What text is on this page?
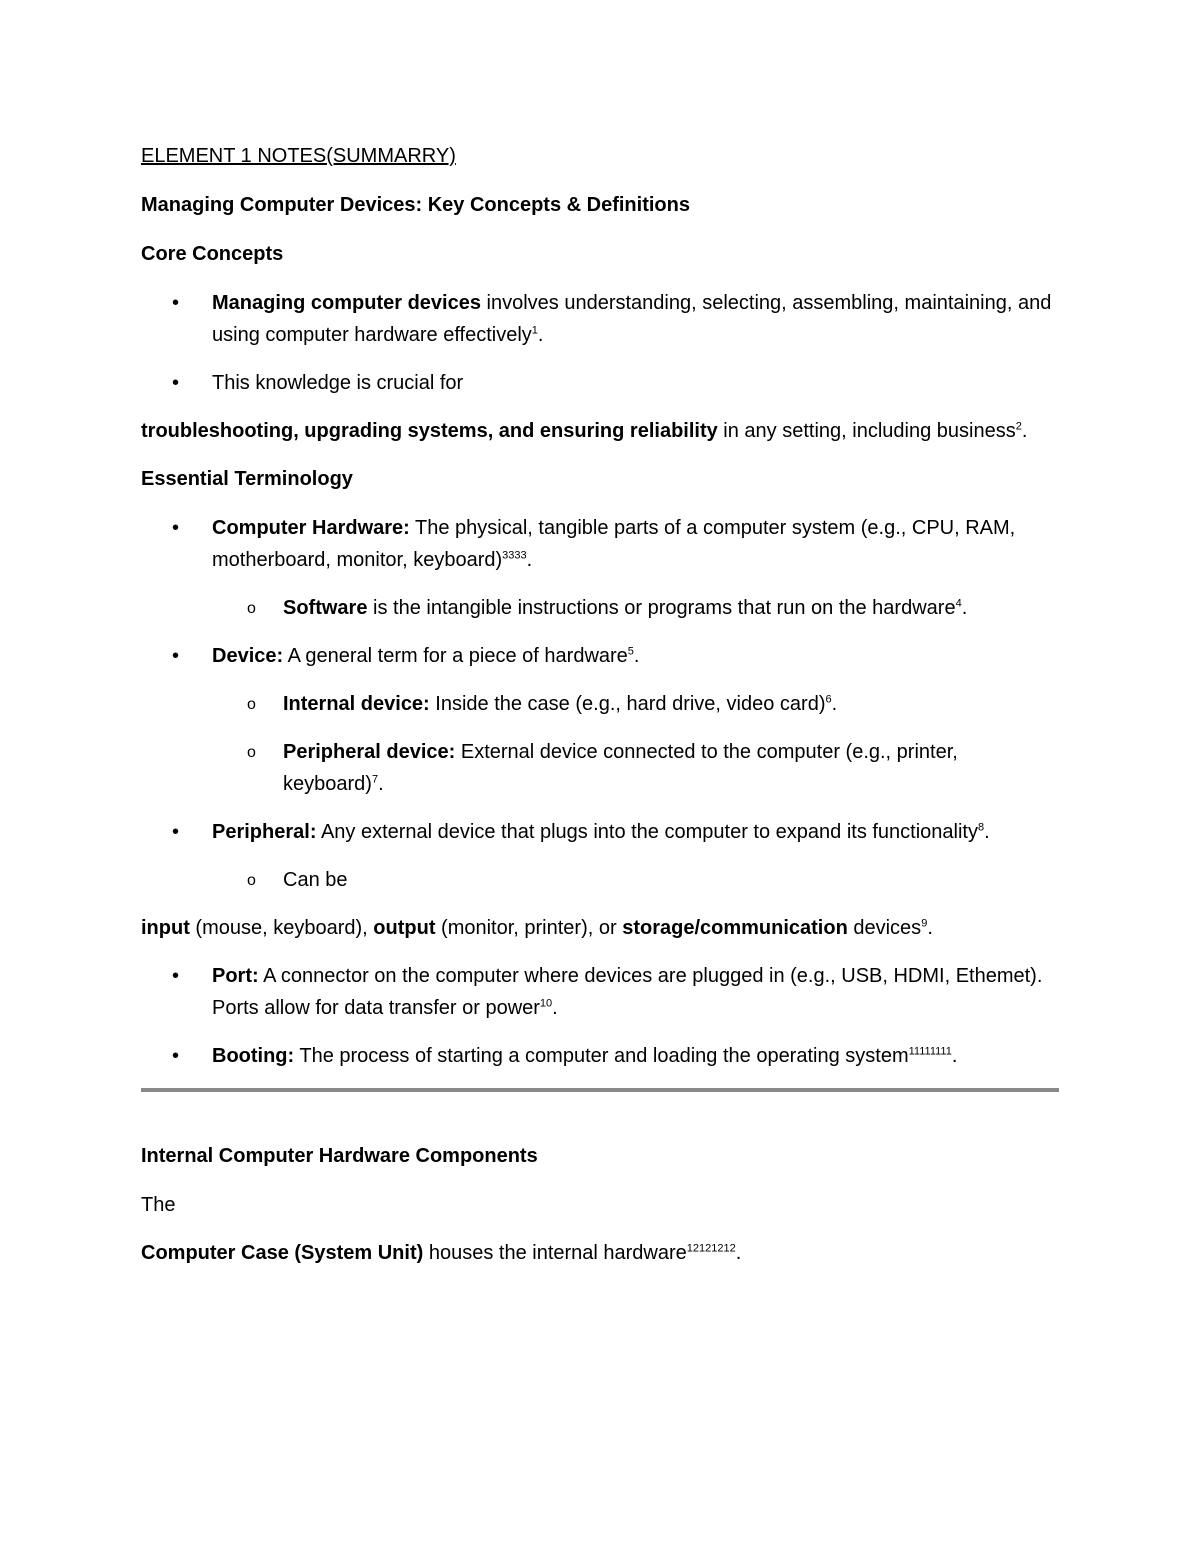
ELEMENT 1 NOTES(SUMMARRY)

Managing Computer Devices: Key Concepts & Definitions

Core Concepts

• Managing computer devices involves understanding, selecting, assembling, maintaining, and using computer hardware effectively$^1$.
• This knowledge is crucial for

troubleshooting, upgrading systems, and ensuring reliability in any setting, including business$^2$.

Essential Terminology

• Computer Hardware: The physical, tangible parts of a computer system (e.g., CPU, RAM, motherboard, monitor, keyboard)$^{3333}$.
o Software is the intangible instructions or programs that run on the hardware$^4$.
• Device: A general term for a piece of hardware$^5$.
o Internal device: Inside the case (e.g., hard drive, video card)$^6$.
o Peripheral device: External device connected to the computer (e.g., printer, keyboard)$^7$.
• Peripheral: Any external device that plugs into the computer to expand its functionality$^8$.
o Can be

input (mouse, keyboard), output (monitor, printer), or storage/communication devices$^9$.

• Port: A connector on the computer where devices are plugged in (e.g., USB, HDMI, Ethemet). Ports allow for data transfer or power$^{10}$.
• Booting: The process of starting a computer and loading the operating system$^{11111111}$.

Internal Computer Hardware Components

The

Computer Case (System Unit) houses the internal hardware$^{12121212}$.
